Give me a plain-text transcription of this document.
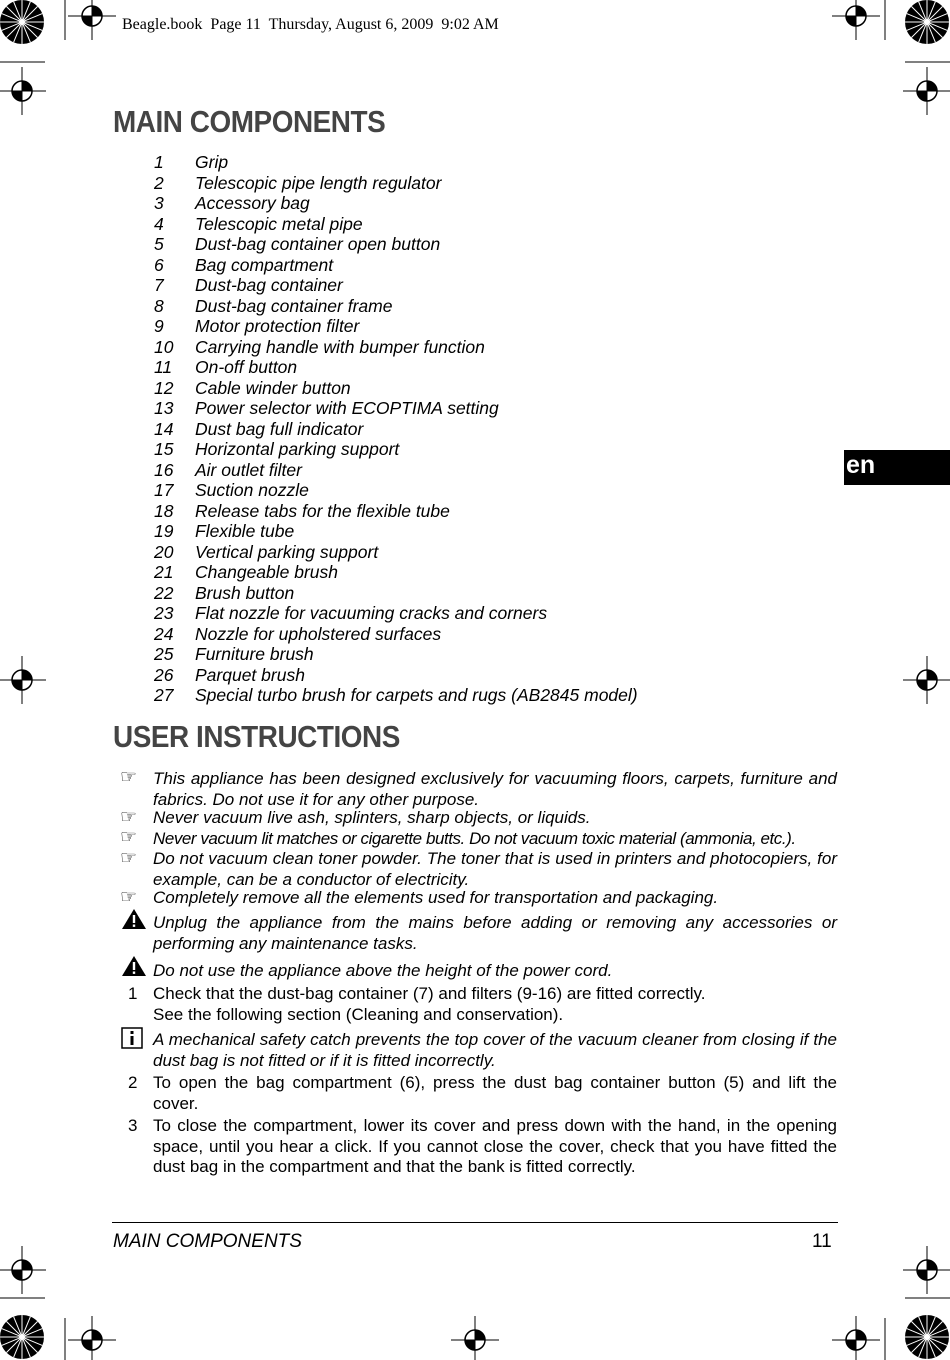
Beagle.book  Page 11  Thursday, August 6, 2009  9:02 AM
MAIN COMPONENTS
1 Grip
2 Telescopic pipe length regulator
3 Accessory bag
4 Telescopic metal pipe
5 Dust-bag container open button
6 Bag compartment
7 Dust-bag container
8 Dust-bag container frame
9 Motor protection filter
10 Carrying handle with bumper function
11 On-off button
12 Cable winder button
13 Power selector with ECOPTIMA setting
14 Dust bag full indicator
15 Horizontal parking support
16 Air outlet filter
17 Suction nozzle
18 Release tabs for the flexible tube
19 Flexible tube
20 Vertical parking support
21 Changeable brush
22 Brush button
23 Flat nozzle for vacuuming cracks and corners
24 Nozzle for upholstered surfaces
25 Furniture brush
26 Parquet brush
27 Special turbo brush for carpets and rugs (AB2845 model)
en
USER INSTRUCTIONS
☞ This appliance has been designed exclusively for vacuuming floors, carpets, furniture and fabrics. Do not use it for any other purpose.
☞ Never vacuum live ash, splinters, sharp objects, or liquids.
☞ Never vacuum lit matches or cigarette butts. Do not vacuum toxic material (ammonia, etc.).
☞ Do not vacuum clean toner powder. The toner that is used in printers and photocopiers, for example, can be a conductor of electricity.
☞ Completely remove all the elements used for transportation and packaging.
Unplug the appliance from the mains before adding or removing any accessories or performing any maintenance tasks.
Do not use the appliance above the height of the power cord.
1 Check that the dust-bag container (7) and filters (9-16) are fitted correctly.
See the following section (Cleaning and conservation).
A mechanical safety catch prevents the top cover of the vacuum cleaner from closing if the dust bag is not fitted or if it is fitted incorrectly.
2 To open the bag compartment (6), press the dust bag container button (5) and lift the cover.
3 To close the compartment, lower its cover and press down with the hand, in the opening space, until you hear a click. If you cannot close the cover, check that you have fitted the dust bag in the compartment and that the bank is fitted correctly.
MAIN COMPONENTS	11
